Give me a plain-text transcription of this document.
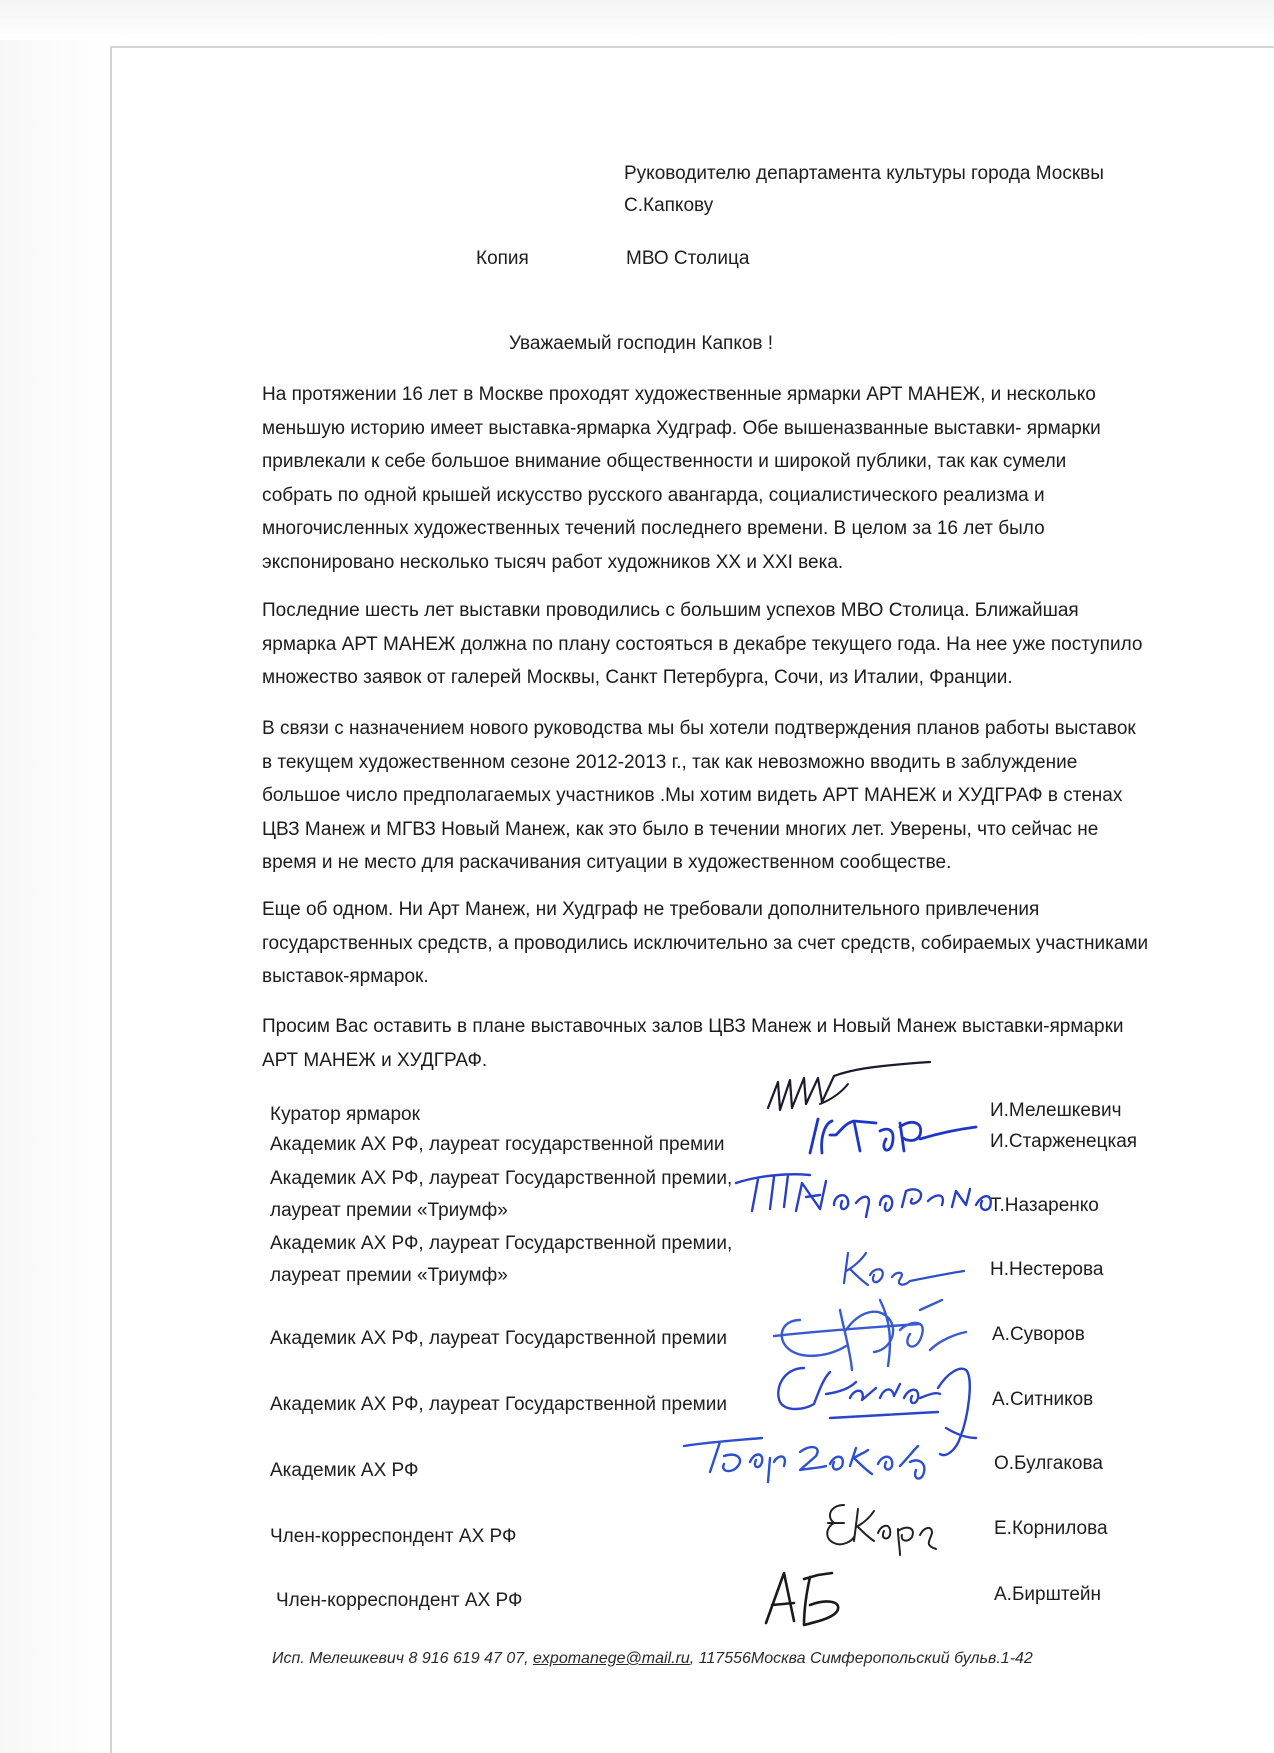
Руководителю департамента культуры города Москвы
С.Капкову
Копия	МВО Столица
Уважаемый господин Капков !
На протяжении 16 лет в Москве проходят художественные ярмарки АРТ МАНЕЖ, и несколько
меньшую историю имеет выставка-ярмарка Худграф. Обе вышеназванные выставки- ярмарки
привлекали к себе большое внимание общественности и широкой публики, так как сумели
собрать по одной крышей искусство русского авангарда, социалистического реализма и
многочисленных художественных течений последнего времени. В целом за 16 лет было
экспонировано несколько тысяч работ художников XX и XXI века.
Последние шесть лет выставки проводились с большим успехов МВО Столица. Ближайшая
ярмарка АРТ МАНЕЖ должна по плану состояться в декабре текущего года. На нее уже поступило
множество заявок от галерей Москвы, Санкт Петербурга, Сочи, из Италии, Франции.
В связи с назначением нового руководства мы бы хотели подтверждения планов работы выставок
в текущем художественном сезоне 2012-2013 г., так как невозможно вводить в заблуждение
большое число предполагаемых участников .Мы хотим видеть АРТ МАНЕЖ и ХУДГРАФ в стенах
ЦВЗ Манеж и МГВЗ Новый Манеж, как это было в течении многих лет. Уверены, что сейчас не
время и не место для раскачивания ситуации в художественном сообществе.
Еще об одном. Ни Арт Манеж, ни Худграф не требовали дополнительного привлечения
государственных средств, а проводились исключительно за счет средств, собираемых участниками
выставок-ярмарок.
Просим Вас оставить в плане выставочных залов ЦВЗ Манеж и Новый Манеж выставки-ярмарки
АРТ МАНЕЖ и ХУДГРАФ.
Куратор ярмарок
Академик АХ РФ, лауреат государственной премии
Академик АХ РФ, лауреат Государственной премии,
лауреат премии «Триумф»
Академик АХ РФ, лауреат Государственной премии,
лауреат премии «Триумф»
Академик АХ РФ, лауреат Государственной премии
Академик АХ РФ, лауреат Государственной премии
Академик АХ РФ
Член-корреспондент АХ РФ
Член-корреспондент АХ РФ
И.Мелешкевич
И.Старженецкая
Т.Назаренко
Н.Нестерова
А.Суворов
А.Ситников
О.Булгакова
Е.Корнилова
А.Бирштейн
Исп. Мелешкевич 8 916 619 47 07, expomanege@mail.ru, 117556Москва Симферопольский бульв.1-42
